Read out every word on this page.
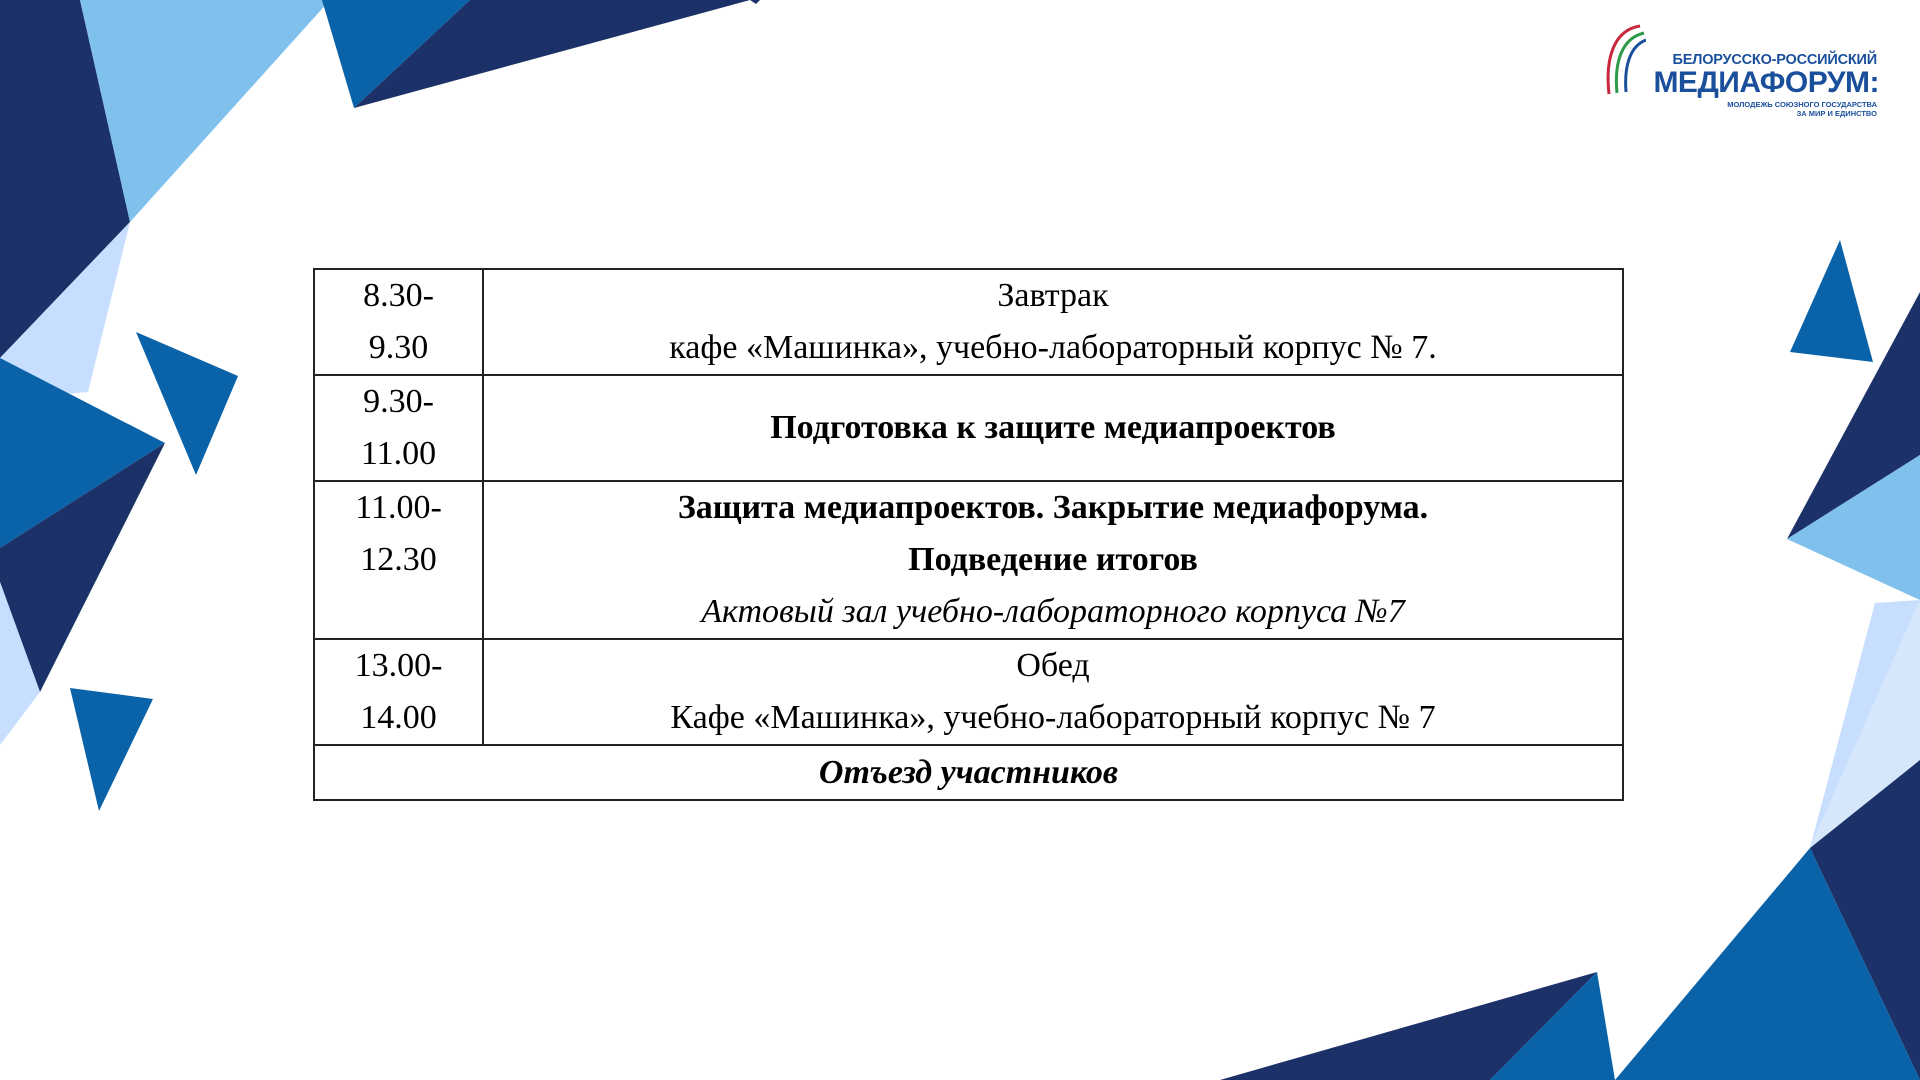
БЕЛОРУССКО-РОССИЙСКИЙ
МЕДИАФОРУМ:
МОЛОДЕЖЬ СОЮЗНОГО ГОСУДАРСТВА
ЗА МИР И ЕДИНСТВО
8.30-
9.30	Завтрак
кафе «Машинка», учебно-лабораторный корпус № 7.

9.30-
11.00	Подготовка к защите медиапроектов

11.00-
12.30	Защита медиапроектов. Закрытие медиафорума.
Подведение итогов
Актовый зал учебно-лабораторного корпуса №7

13.00-
14.00	Обед
Кафе «Машинка», учебно-лабораторный корпус № 7

Отъезд участников	
